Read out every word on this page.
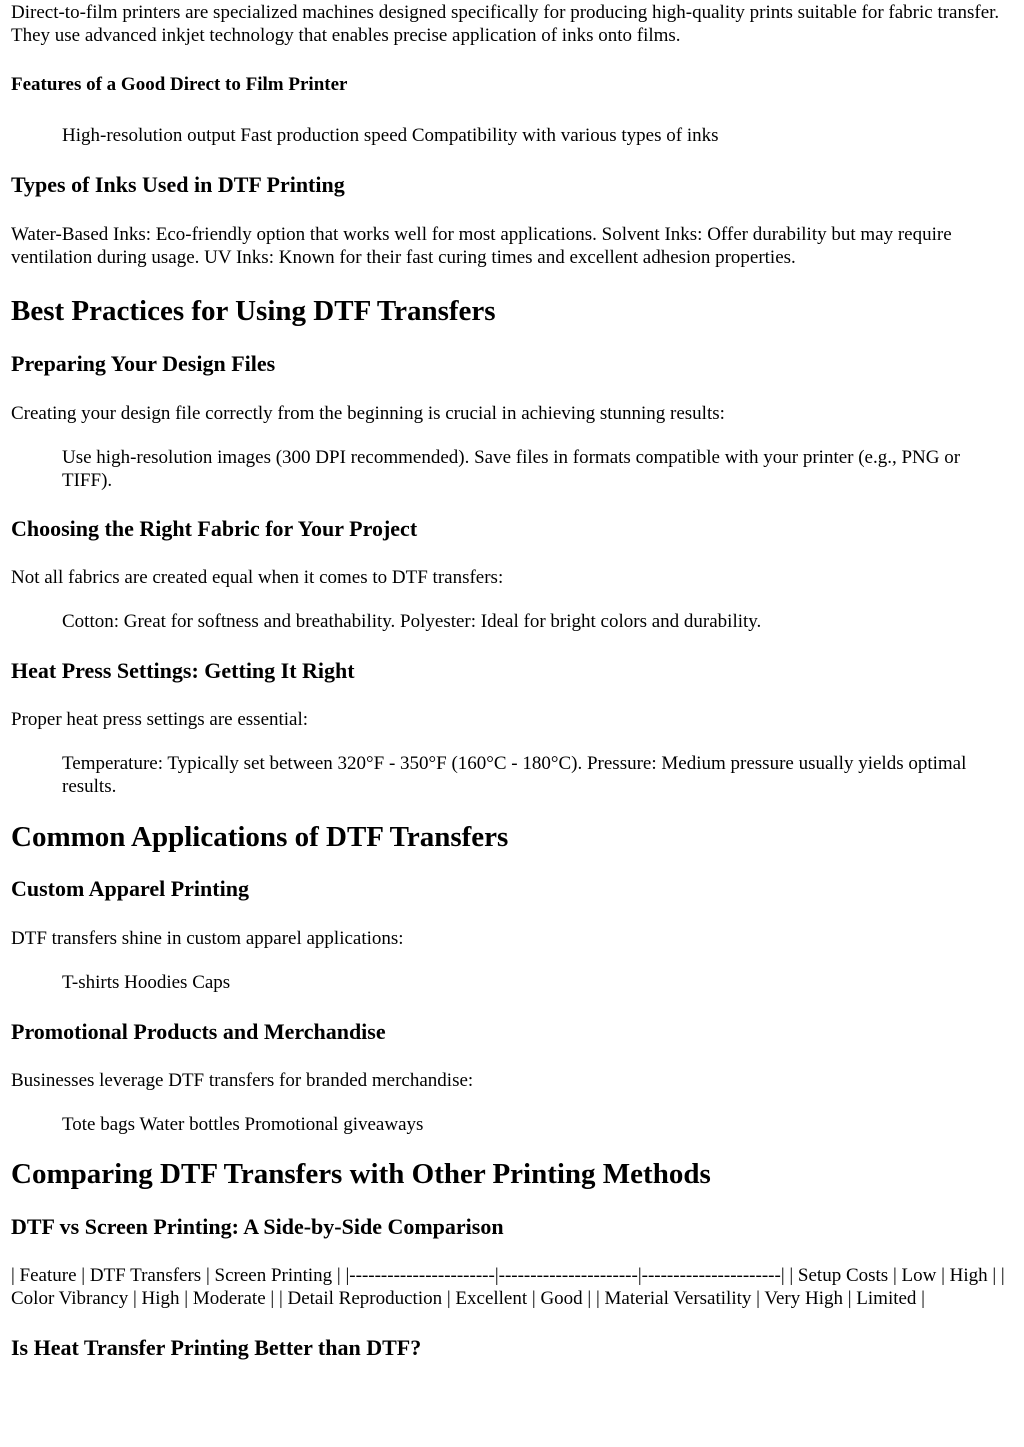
Direct-to-film printers are specialized machines designed specifically for producing high-quality prints suitable for fabric transfer. They use advanced inkjet technology that enables precise application of inks onto films.

Features of a Good Direct to Film Printer
High-resolution output Fast production speed Compatibility with various types of inks
Types of Inks Used in DTF Printing

Water-Based Inks: Eco-friendly option that works well for most applications. Solvent Inks: Offer durability but may require ventilation during usage. UV Inks: Known for their fast curing times and excellent adhesion properties.

Best Practices for Using DTF Transfers
Preparing Your Design Files

Creating your design file correctly from the beginning is crucial in achieving stunning results:

Use high-resolution images (300 DPI recommended). Save files in formats compatible with your printer (e.g., PNG or TIFF).
Choosing the Right Fabric for Your Project

Not all fabrics are created equal when it comes to DTF transfers:

Cotton: Great for softness and breathability. Polyester: Ideal for bright colors and durability.
Heat Press Settings: Getting It Right

Proper heat press settings are essential:

Temperature: Typically set between 320°F - 350°F (160°C - 180°C). Pressure: Medium pressure usually yields optimal results.
Common Applications of DTF Transfers
Custom Apparel Printing

DTF transfers shine in custom apparel applications:

T-shirts Hoodies Caps
Promotional Products and Merchandise

Businesses leverage DTF transfers for branded merchandise:

Tote bags Water bottles Promotional giveaways
Comparing DTF Transfers with Other Printing Methods
DTF vs Screen Printing: A Side-by-Side Comparison

| Feature | DTF Transfers | Screen Printing | |-----------------------|----------------------|----------------------| | Setup Costs | Low | High | | Color Vibrancy | High | Moderate | | Detail Reproduction | Excellent | Good | | Material Versatility | Very High | Limited |

Is Heat Transfer Printing Better than DTF?
